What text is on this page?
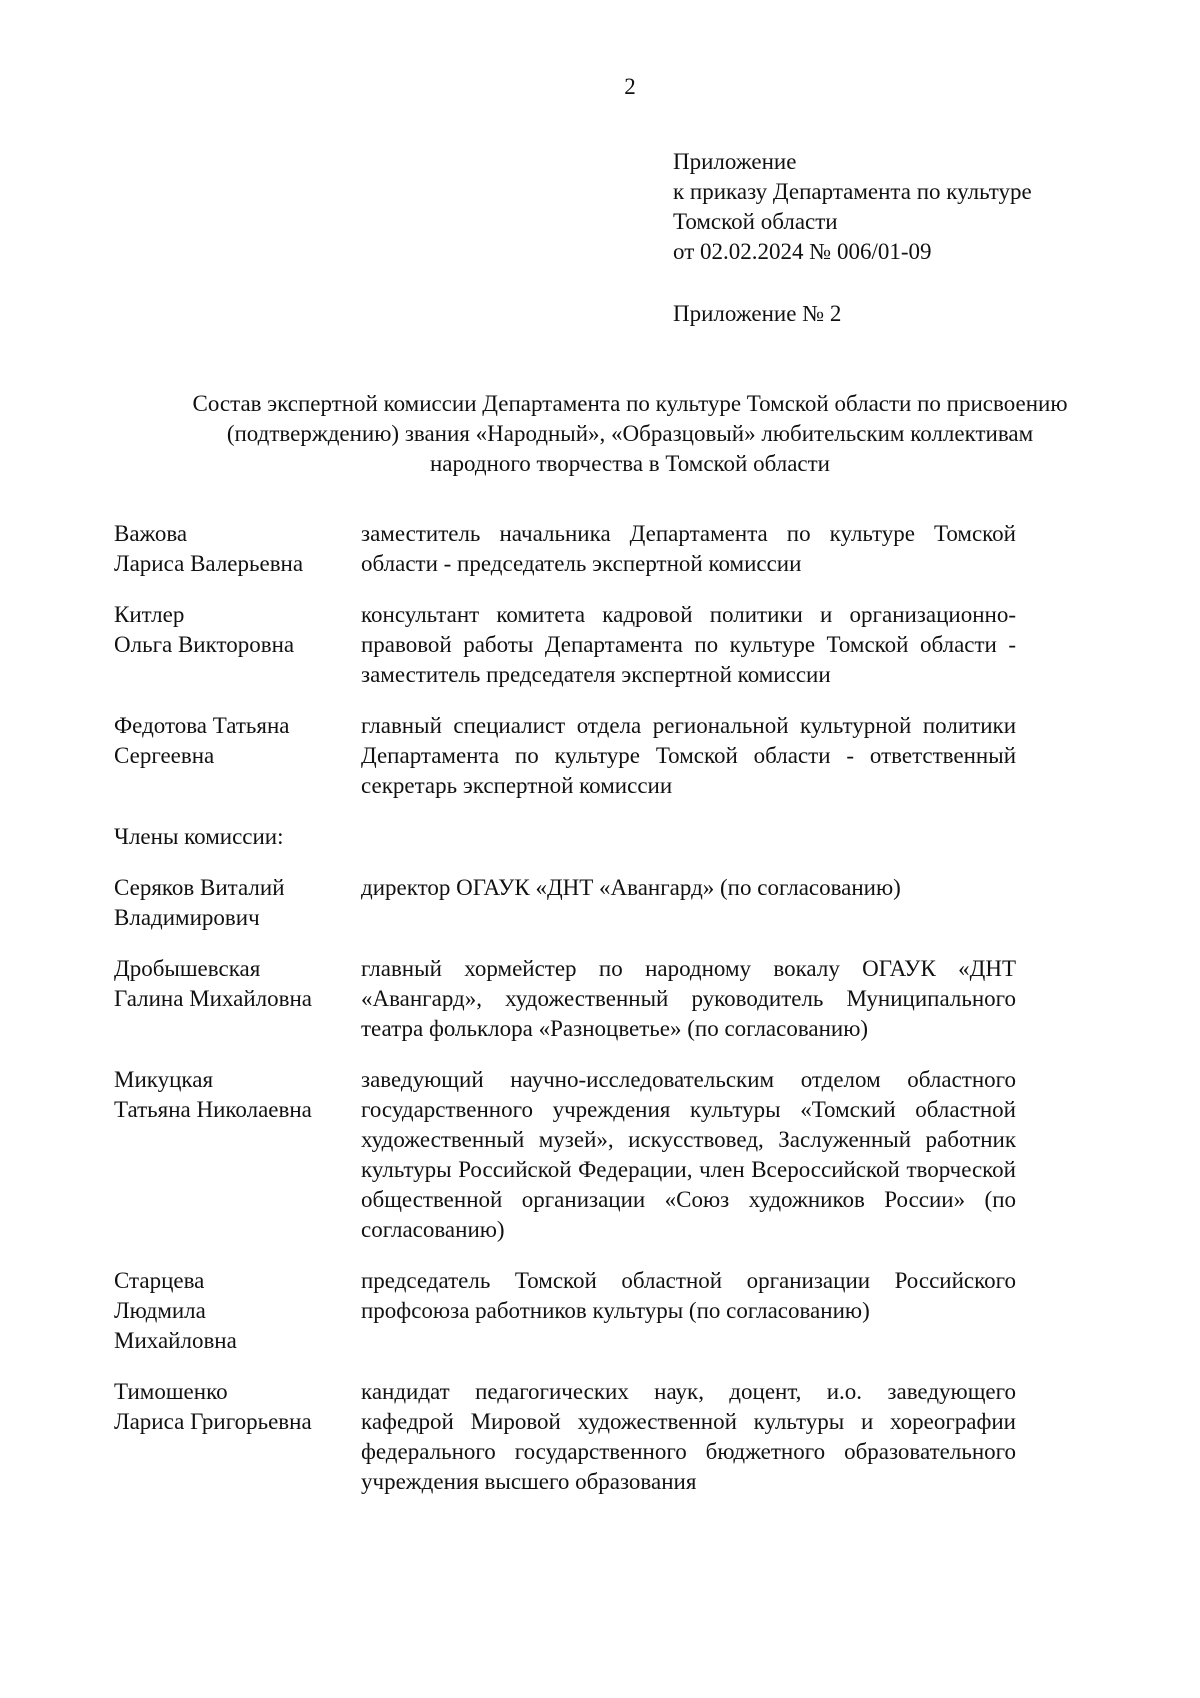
2
Приложение
к приказу Департамента по культуре
Томской области
от 02.02.2024 № 006/01-09
Приложение № 2
Состав экспертной комиссии Департамента по культуре Томской области по присвоению
(подтверждению) звания «Народный», «Образцовый» любительским коллективам
народного творчества в Томской области
Важова
Лариса Валерьевна
заместитель начальника Департамента по культуре Томской области - председатель экспертной комиссии
Китлер
Ольга Викторовна
консультант комитета кадровой политики и организационно-правовой работы Департамента по культуре Томской области - заместитель председателя экспертной комиссии
Федотова Татьяна
Сергеевна
главный специалист отдела региональной культурной политики Департамента по культуре Томской области - ответственный секретарь экспертной комиссии
Члены комиссии:
Серяков Виталий
Владимирович
директор ОГАУК «ДНТ «Авангард» (по согласованию)
Дробышевская
Галина Михайловна
главный хормейстер по народному вокалу ОГАУК «ДНТ «Авангард», художественный руководитель Муниципального театра фольклора «Разноцветье» (по согласованию)
Микуцкая
Татьяна Николаевна
заведующий научно-исследовательским отделом областного государственного учреждения культуры «Томский областной художественный музей», искусствовед, Заслуженный работник культуры Российской Федерации, член Всероссийской творческой общественной организации «Союз художников России» (по согласованию)
Старцева
Людмила
Михайловна
председатель Томской областной организации Российского профсоюза работников культуры (по согласованию)
Тимошенко
Лариса Григорьевна
кандидат педагогических наук, доцент, и.о. заведующего кафедрой Мировой художественной культуры и хореографии федерального государственного бюджетного образовательного учреждения высшего образования
